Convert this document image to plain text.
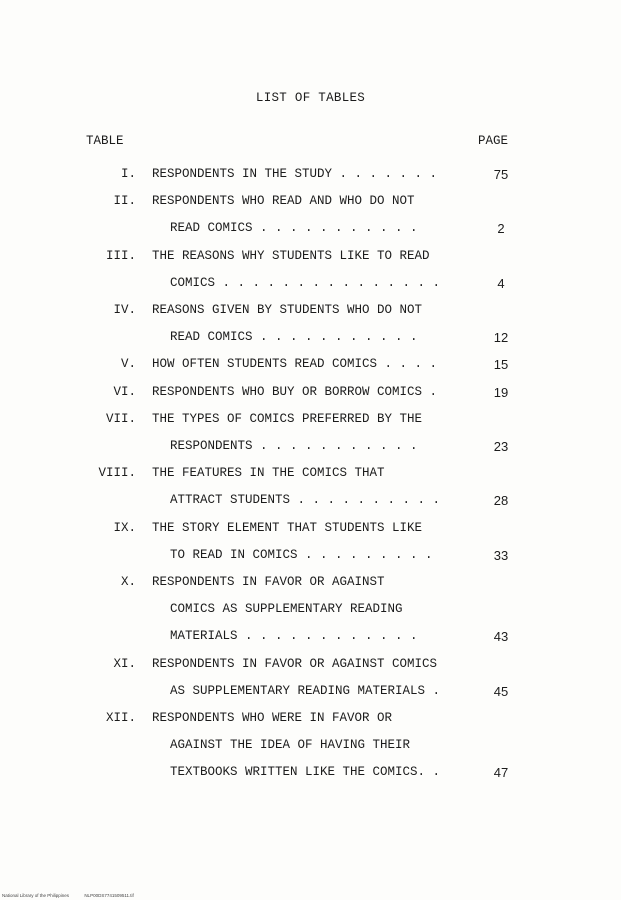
LIST OF TABLES
TABLE	PAGE
I. RESPONDENTS IN THE STUDY . . . . . . .	75
II. RESPONDENTS WHO READ AND WHO DO NOT
READ COMICS . . . . . . . . . . .	2
III. THE REASONS WHY STUDENTS LIKE TO READ
COMICS . . . . . . . . . . . . . . .	4
IV. REASONS GIVEN BY STUDENTS WHO DO NOT
READ COMICS . . . . . . . . . . .	12
V. HOW OFTEN STUDENTS READ COMICS . . . .	15
VI. RESPONDENTS WHO BUY OR BORROW COMICS .	19
VII. THE TYPES OF COMICS PREFERRED BY THE
RESPONDENTS . . . . . . . . . . .	23
VIII. THE FEATURES IN THE COMICS THAT
ATTRACT STUDENTS . . . . . . . . . .	28
IX. THE STORY ELEMENT THAT STUDENTS LIKE
TO READ IN COMICS . . . . . . . . .	33
X. RESPONDENTS IN FAVOR OR AGAINST
COMICS AS SUPPLEMENTARY READING
MATERIALS . . . . . . . . . . . .	43
XI. RESPONDENTS IN FAVOR OR AGAINST COMICS
AS SUPPLEMENTARY READING MATERIALS .	45
XII. RESPONDENTS WHO WERE IN FAVOR OR
AGAINST THE IDEA OF HAVING THEIR
TEXTBOOKS WRITTEN LIKE THE COMICS. .	47
National Library of the Philippines	NLP00DS7741509511.tif
